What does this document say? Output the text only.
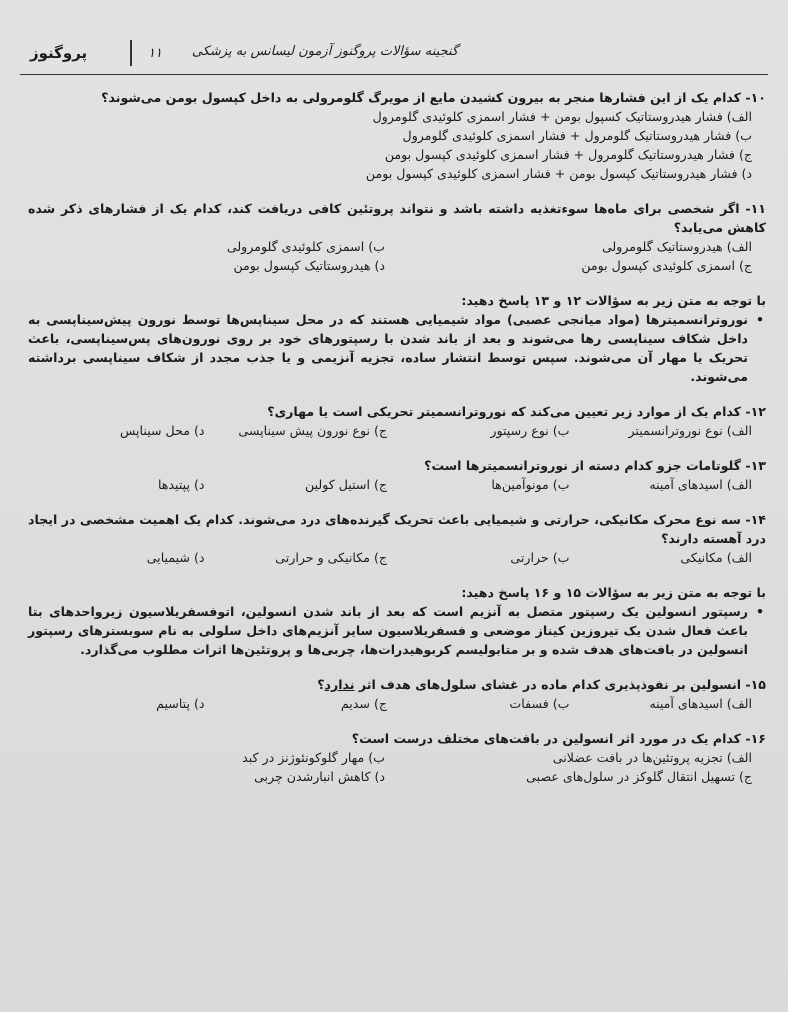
پروگنوز	۱۱	گنجینه سؤالات پروگنوز آزمون لیسانس به پزشکی
۱۰- کدام یک از این فشارها منجر به بیرون کشیدن مایع از مویرگ گلومرولی به داخل کپسول بومن می‌شوند؟
الف) فشار هیدروستاتیک کسپول بومن + فشار اسمزی کلوئیدی گلومرول
ب) فشار هیدروستاتیک گلومرول + فشار اسمزی کلوئیدی گلومرول
ج) فشار هیدروستاتیک گلومرول + فشار اسمزی کلوئیدی کپسول بومن
د) فشار هیدروستاتیک کپسول بومن + فشار اسمزی کلوئیدی کپسول بومن
۱۱- اگر شخصی برای ماه‌ها سوءتغذیه داشته باشد و نتواند پروتئین کافی دریافت کند، کدام یک از فشارهای ذکر شده کاهش می‌یابد؟
الف) هیدروستاتیک گلومرولی
ب) اسمزی کلوئیدی گلومرولی
ج) اسمزی کلوئیدی کپسول بومن
د) هیدروستاتیک کپسول بومن
با توجه به متن زیر به سؤالات ۱۲ و ۱۳ پاسخ دهید:
•
نوروترانسمیترها (مواد میانجی عصبی) مواد شیمیایی هستند که در محل سیناپس‌ها توسط نورون پیش‌سیناپسی به داخل شکاف سیناپسی رها می‌شوند و بعد از باند شدن با رسپتورهای خود بر روی نورون‌های پس‌سیناپسی، باعث تحریک یا مهار آن می‌شوند. سپس توسط انتشار ساده، تجزیه آنزیمی و یا جذب مجدد از شکاف سیناپسی برداشته می‌شوند.
۱۲- کدام یک از موارد زیر تعیین می‌کند که نوروترانسمیتر تحریکی است یا مهاری؟
الف) نوع نوروترانسمیتر
ب) نوع رسپتور
ج) نوع نورون پیش سیناپسی
د) محل سیناپس
۱۳- گلوتامات جزو کدام دسته از نوروترانسمیترها است؟
الف) اسیدهای آمینه
ب) مونوآمین‌ها
ج) استیل کولین
د) پپتیدها
۱۴- سه نوع محرک مکانیکی، حرارتی و شیمیایی باعث تحریک گیرنده‌های درد می‌شوند. کدام یک اهمیت مشخصی در ایجاد درد آهسته دارند؟
الف) مکانیکی
ب) حرارتی
ج) مکانیکی و حرارتی
د) شیمیایی
با توجه به متن زیر به سؤالات ۱۵ و ۱۶ پاسخ دهید:
•
رسپتور انسولین یک رسپتور متصل به آنزیم است که بعد از باند شدن انسولین، اتوفسفریلاسیون زیرواحدهای بتا باعث فعال شدن یک تیروزین کیناز موضعی و فسفریلاسیون سایر آنزیم‌های داخل سلولی به نام سوبسترهای رسپتور انسولین در بافت‌های هدف شده و بر متابولیسم کربوهیدرات‌ها، چربی‌ها و پروتئین‌ها اثرات مطلوب می‌گذارد.
۱۵- انسولین بر نفوذپذیری کدام ماده در غشای سلول‌های هدف اثر ندارد؟
الف) اسیدهای آمینه
ب) فسفات
ج) سدیم
د) پتاسیم
۱۶- کدام یک در مورد اثر انسولین در بافت‌های مختلف درست است؟
الف) تجزیه پروتئین‌ها در بافت عضلانی
ب) مهار گلوکونئوژنز در کبد
ج) تسهیل انتقال گلوکز در سلول‌های عصبی
د) کاهش انبارشدن چربی
